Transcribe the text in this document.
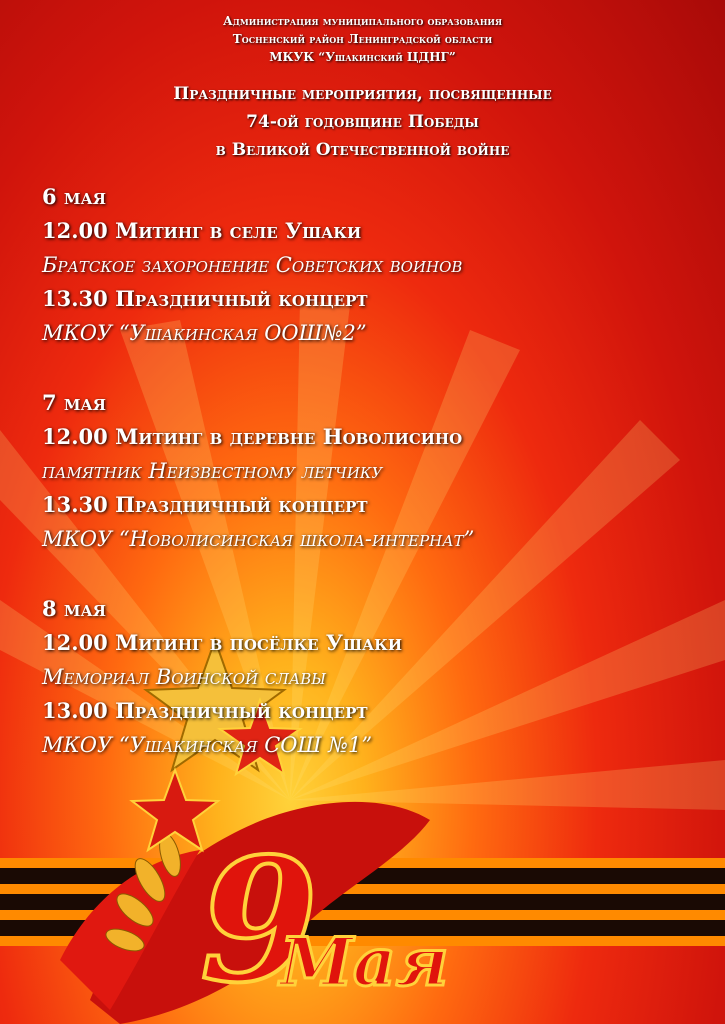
Администрация муниципального образования
Тосненский район Ленинградской области
МКУК “Ушакинский ЦДНГ”
Праздничные мероприятия, посвященные
74-ой годовщине Победы
в Великой Отечественной войне
6 мая
12.00 Митинг в селе Ушаки
Братское захоронение Советских воинов
13.30 Праздничный концерт
МКОУ “Ушакинская ООШ№2”
7 мая
12.00 Митинг в деревне Новолисино
памятник Неизвестному летчику
13.30 Праздничный концерт
МКОУ “Новолисинская школа-интернат”
8 мая
12.00 Митинг в посёлке Ушаки
Мемориал Воинской славы
13.00 Праздничный концерт
МКОУ “Ушакинская СОШ №1”
9
Мая
